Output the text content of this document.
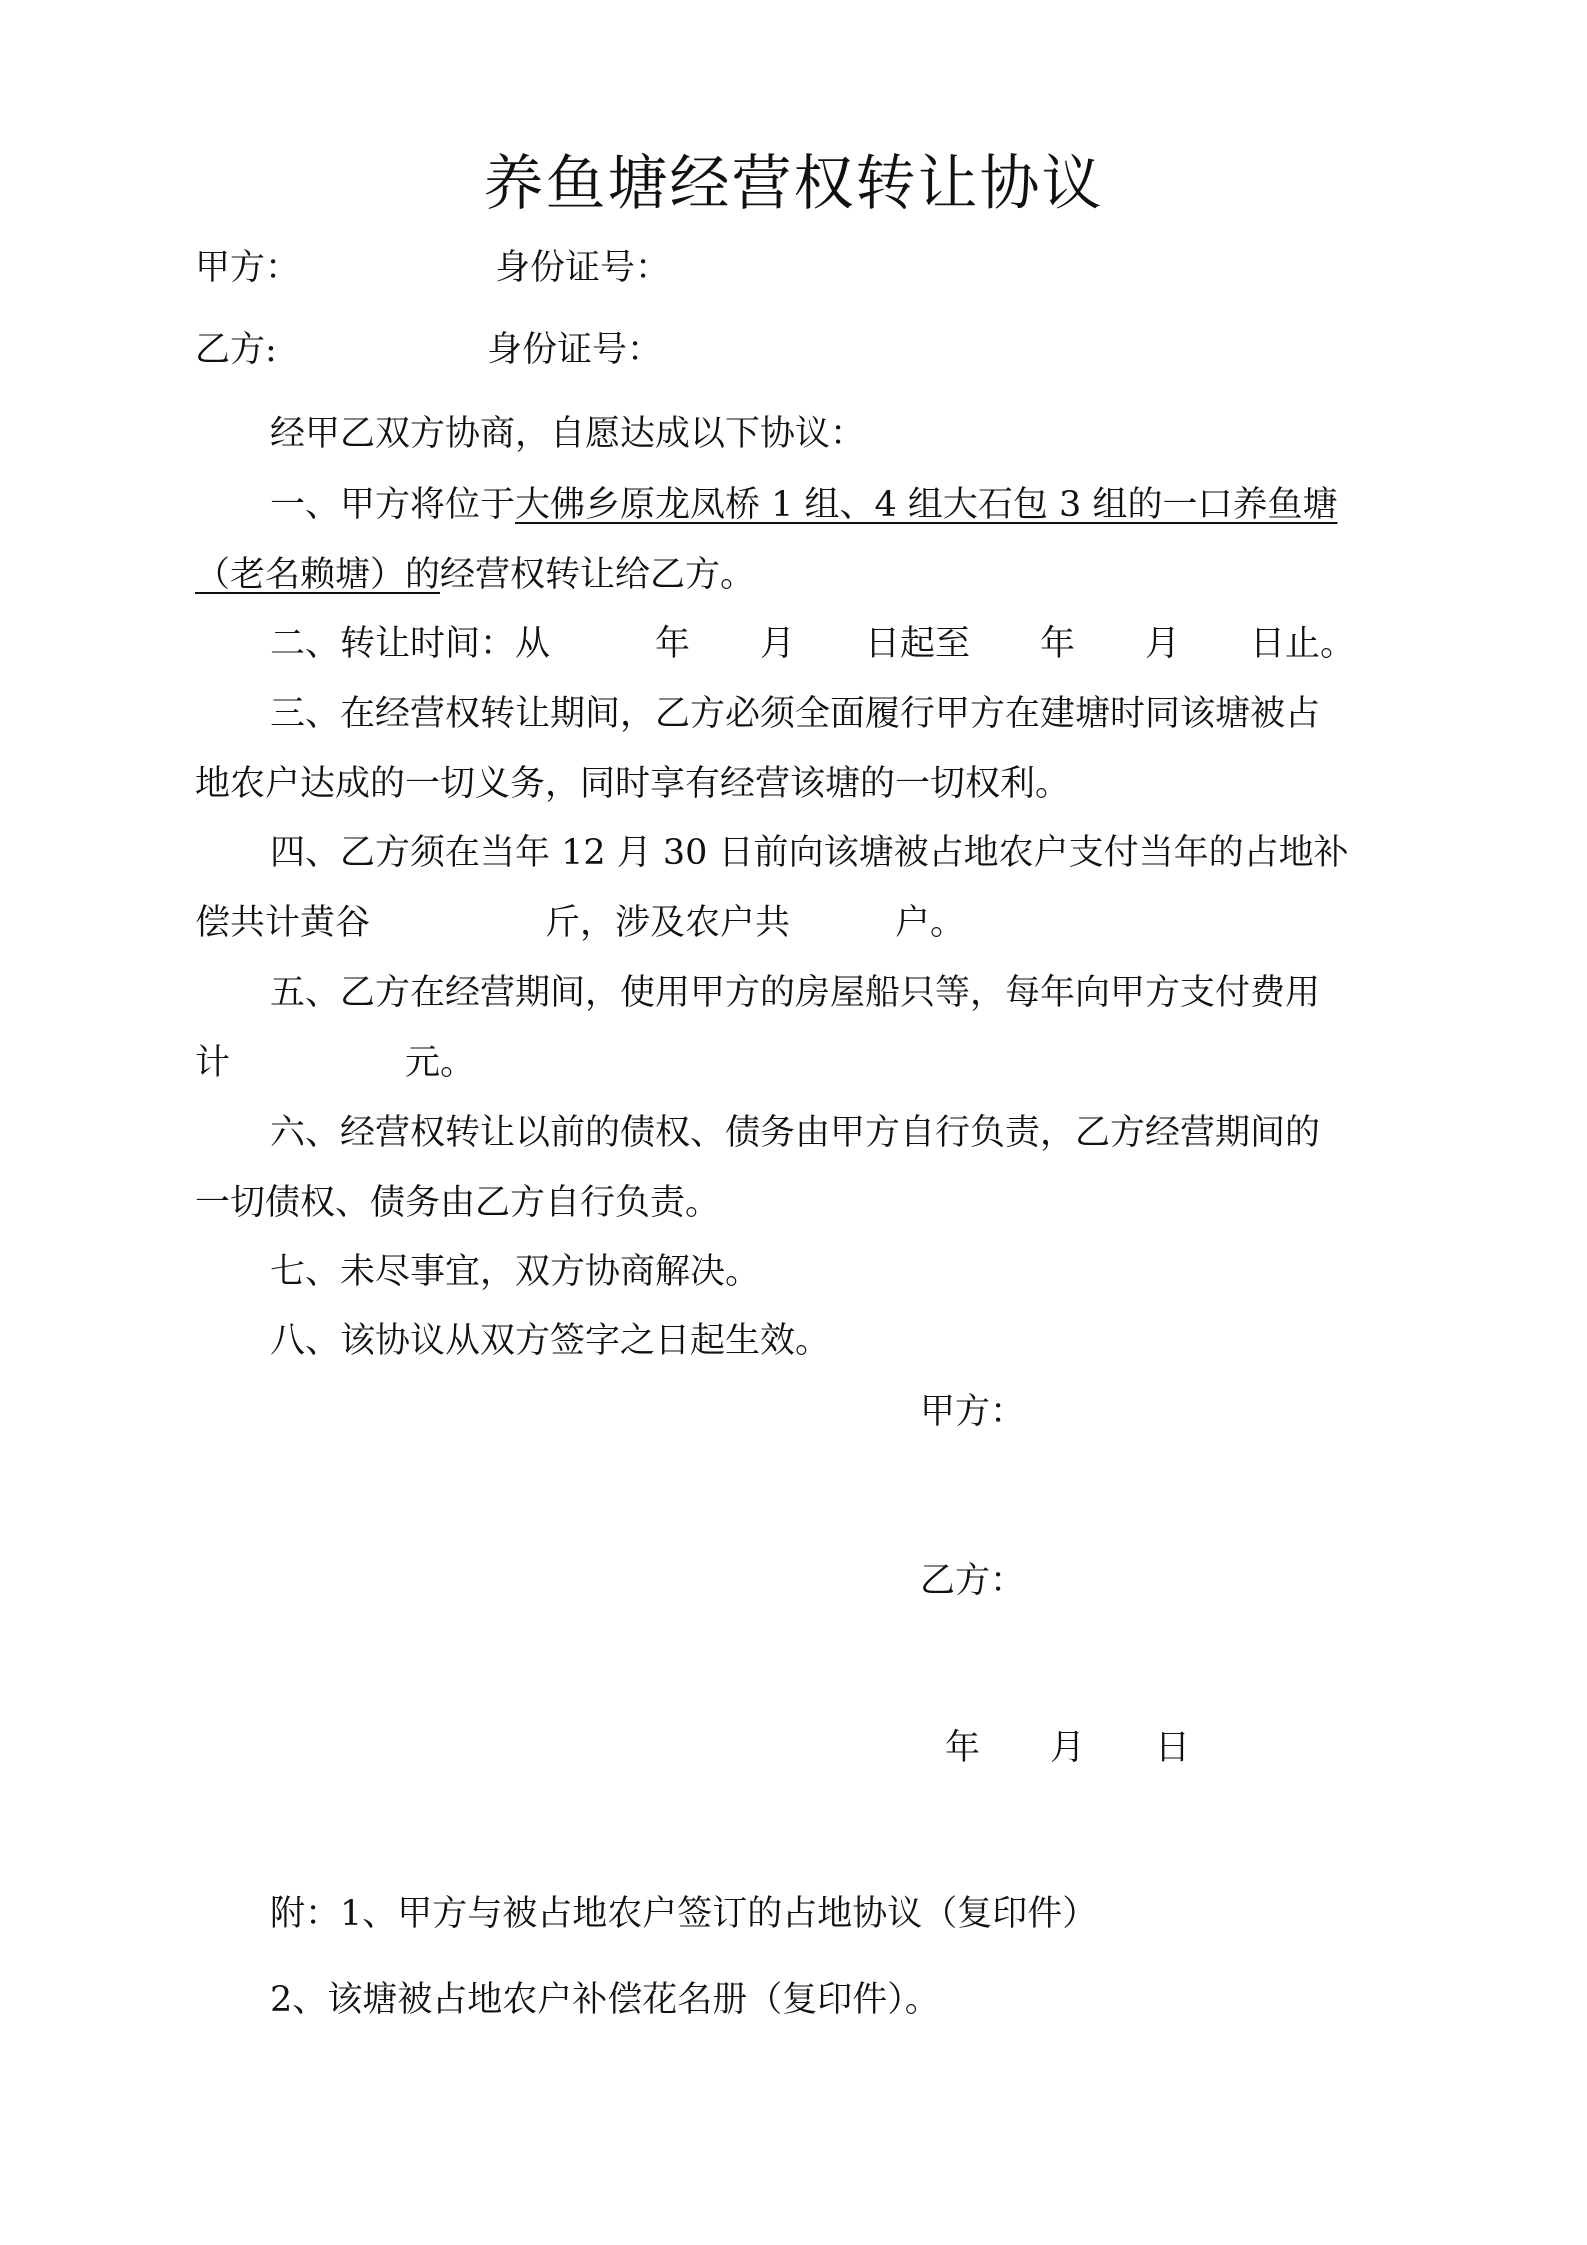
养鱼塘经营权转让协议
甲方：	身份证号：
乙方:	身份证号：
经甲乙双方协商，自愿达成以下协议：
一、甲方将位于大佛乡原龙凤桥 1 组、4 组大石包 3 组的一口养鱼塘
（老名赖塘）的经营权转让给乙方。
二、转让时间：从　　　年　　月　　日起至　　年　　月　　日止。
三、在经营权转让期间，乙方必须全面履行甲方在建塘时同该塘被占
地农户达成的一切义务，同时享有经营该塘的一切权利。
四、乙方须在当年 12 月 30 日前向该塘被占地农户支付当年的占地补
偿共计黄谷　　　　　斤，涉及农户共　　　户。
五、乙方在经营期间，使用甲方的房屋船只等，每年向甲方支付费用
计　　　　　元。
六、经营权转让以前的债权、债务由甲方自行负责，乙方经营期间的
一切债权、债务由乙方自行负责。
七、未尽事宜，双方协商解决。
八、该协议从双方签字之日起生效。
甲方：
乙方：
年　　月　　日
附：1、甲方与被占地农户签订的占地协议（复印件）
2、该塘被占地农户补偿花名册（复印件）。
